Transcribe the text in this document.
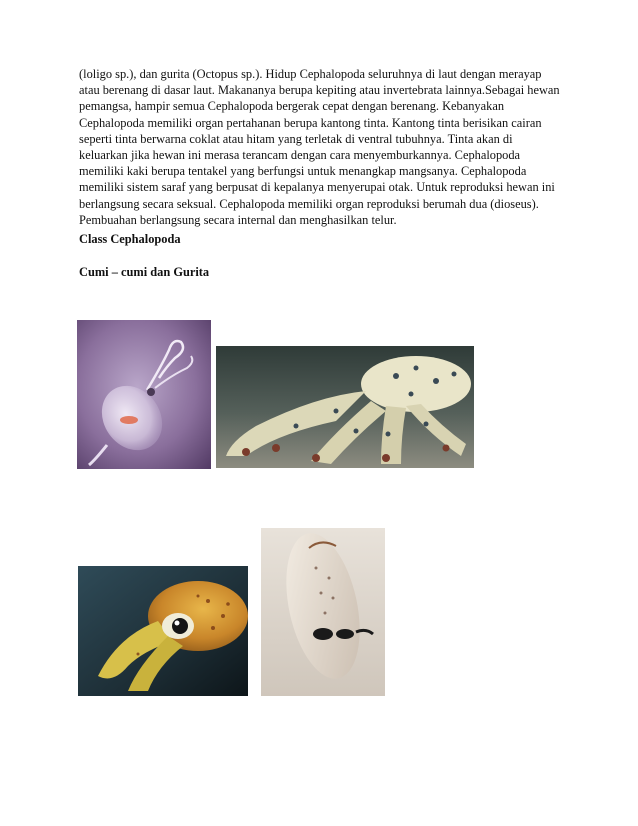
(loligo sp.), dan gurita (Octopus sp.). Hidup Cephalopoda seluruhnya di laut dengan merayap
atau berenang di dasar laut. Makananya berupa kepiting atau invertebrata lainnya.Sebagai hewan
pemangsa, hampir semua Cephalopoda bergerak cepat dengan berenang. Kebanyakan
Cephalopoda memiliki organ pertahanan berupa kantong tinta. Kantong tinta berisikan cairan
seperti tinta berwarna coklat atau hitam yang terletak di ventral tubuhnya. Tinta akan di
keluarkan jika hewan ini merasa terancam dengan cara menyemburkannya. Cephalopoda
memiliki kaki berupa tentakel yang berfungsi untuk menangkap mangsanya. Cephalopoda
memiliki sistem saraf yang berpusat di kepalanya menyerupai otak. Untuk reproduksi hewan ini
berlangsung secara seksual. Cephalopoda memiliki organ reproduksi berumah dua (dioseus).
Pembuahan berlangsung secara internal dan menghasilkan telur.

Class Cephalopoda

Cumi – cumi dan Gurita
